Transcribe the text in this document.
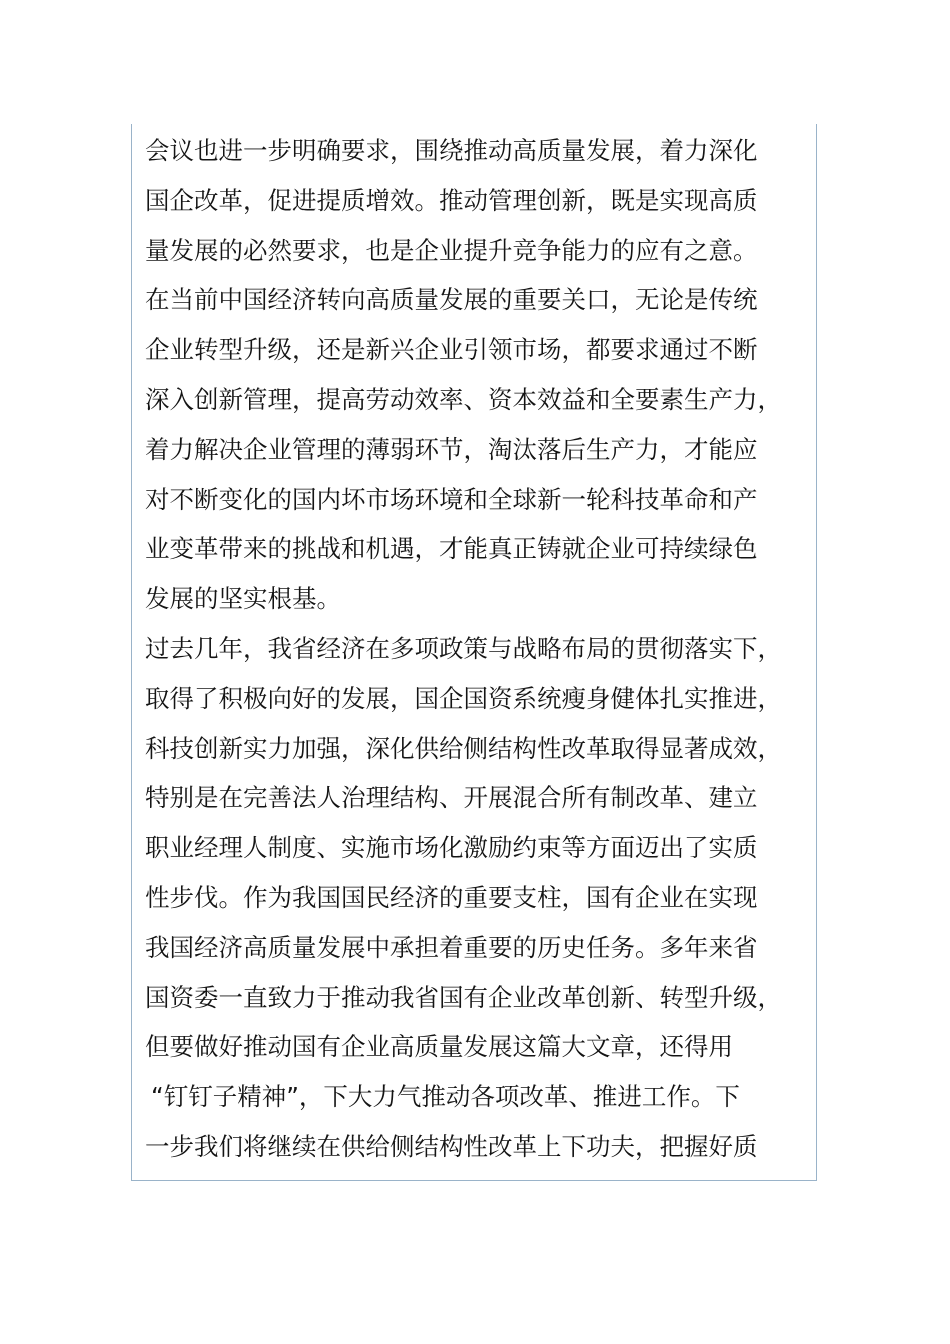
会议也进一步明确要求，围绕推动高质量发展，着力深化
国企改革，促进提质增效。推动管理创新，既是实现高质
量发展的必然要求，也是企业提升竞争能力的应有之意。
在当前中国经济转向高质量发展的重要关口，无论是传统
企业转型升级，还是新兴企业引领市场，都要求通过不断
深入创新管理，提高劳动效率、资本效益和全要素生产力，
着力解决企业管理的薄弱环节，淘汰落后生产力，才能应
对不断变化的国内坏市场环境和全球新一轮科技革命和产
业变革带来的挑战和机遇，才能真正铸就企业可持续绿色
发展的坚实根基。
过去几年，我省经济在多项政策与战略布局的贯彻落实下，
取得了积极向好的发展，国企国资系统瘦身健体扎实推进，
科技创新实力加强，深化供给侧结构性改革取得显著成效，
特别是在完善法人治理结构、开展混合所有制改革、建立
职业经理人制度、实施市场化激励约束等方面迈出了实质
性步伐。作为我国国民经济的重要支柱，国有企业在实现
我国经济高质量发展中承担着重要的历史任务。多年来省
国资委一直致力于推动我省国有企业改革创新、转型升级，
但要做好推动国有企业高质量发展这篇大文章，还得用
“钉钉子精神”，下大力气推动各项改革、推进工作。下
一步我们将继续在供给侧结构性改革上下功夫，把握好质
